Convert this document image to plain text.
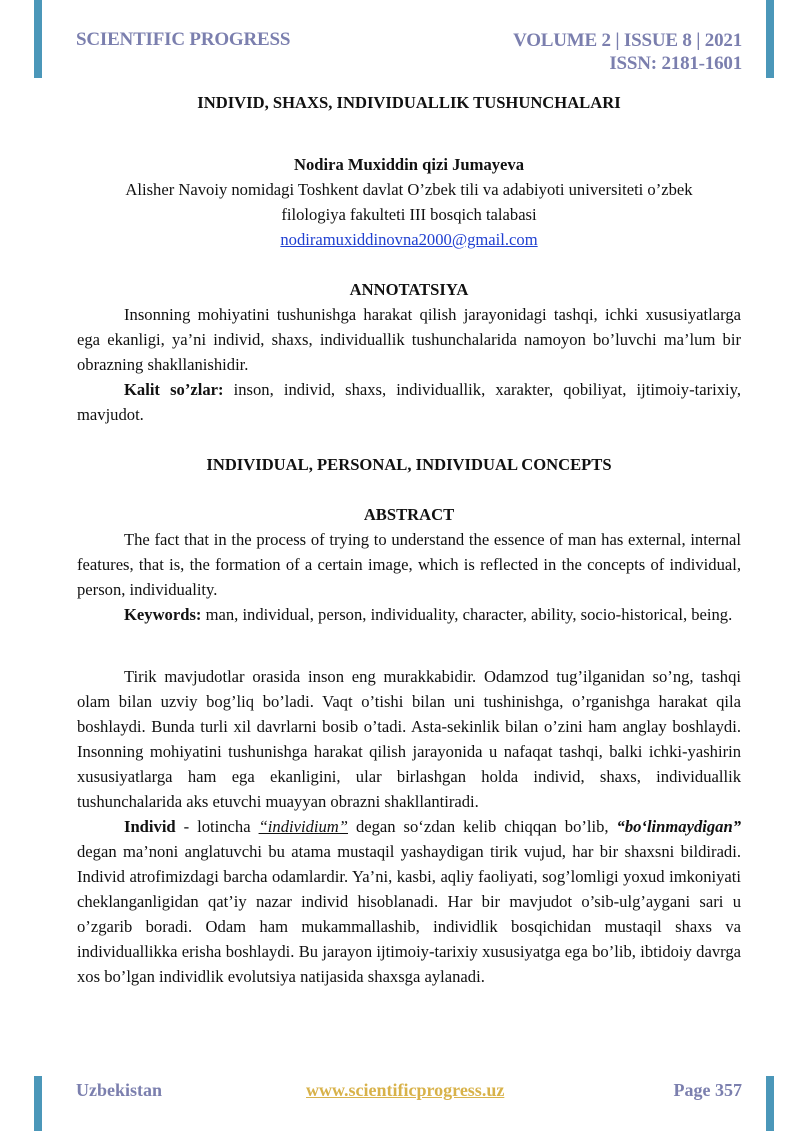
SCIENTIFIC PROGRESS	VOLUME 2 | ISSUE 8 | 2021
ISSN: 2181-1601
INDIVID, SHAXS, INDIVIDUALLIK TUSHUNCHALARI
Nodira Muxiddin qizi Jumayeva
Alisher Navoiy nomidagi Toshkent davlat O’zbek tili va adabiyoti universiteti o’zbek
filologiya fakulteti III bosqich talabasi
nodiramuxiddinovna2000@gmail.com
ANNOTATSIYA

Insonning mohiyatini tushunishga harakat qilish jarayonidagi tashqi, ichki xususiyatlarga ega ekanligi, ya’ni individ, shaxs, individuallik tushunchalarida namoyon bo’luvchi ma’lum bir obrazning shakllanishidir.

Kalit so’zlar: inson, individ, shaxs, individuallik, xarakter, qobiliyat, ijtimoiy-tarixiy, mavjudot.

INDIVIDUAL, PERSONAL, INDIVIDUAL CONCEPTS
ABSTRACT

The fact that in the process of trying to understand the essence of man has external, internal features, that is, the formation of a certain image, which is reflected in the concepts of individual, person, individuality.

Keywords: man, individual, person, individuality, character, ability, socio-historical, being.

Tirik mavjudotlar orasida inson eng murakkabidir. Odamzod tug’ilganidan so’ng, tashqi olam bilan uzviy bog’liq bo’ladi. Vaqt o’tishi bilan uni tushinishga, o’rganishga harakat qila boshlaydi. Bunda turli xil davrlarni bosib o’tadi. Asta-sekinlik bilan o’zini ham anglay boshlaydi. Insonning mohiyatini tushunishga harakat qilish jarayonida u nafaqat tashqi, balki ichki-yashirin xususiyatlarga ham ega ekanligini, ular birlashgan holda individ, shaxs, individuallik tushunchalarida aks etuvchi muayyan obrazni shakllantiradi.

Individ - lotincha “individium” degan so‘zdan kelib chiqqan bo’lib, “bo‘linmaydigan” degan ma’noni anglatuvchi bu atama mustaqil yashaydigan tirik vujud, har bir shaxsni bildiradi. Individ atrofimizdagi barcha odamlardir. Ya’ni, kasbi, aqliy faoliyati, sog’lomligi yoxud imkoniyati cheklanganligidan qat’iy nazar individ hisoblanadi. Har bir mavjudot o’sib-ulg’aygani sari u o’zgarib boradi. Odam ham mukammallashib, individlik bosqichidan mustaqil shaxs va individuallikka erisha boshlaydi. Bu jarayon ijtimoiy-tarixiy xususiyatga ega bo’lib, ibtidoiy davrga xos bo’lgan individlik evolutsiya natijasida shaxsga aylanadi.

Uzbekistan	www.scientificprogress.uz	Page 357
